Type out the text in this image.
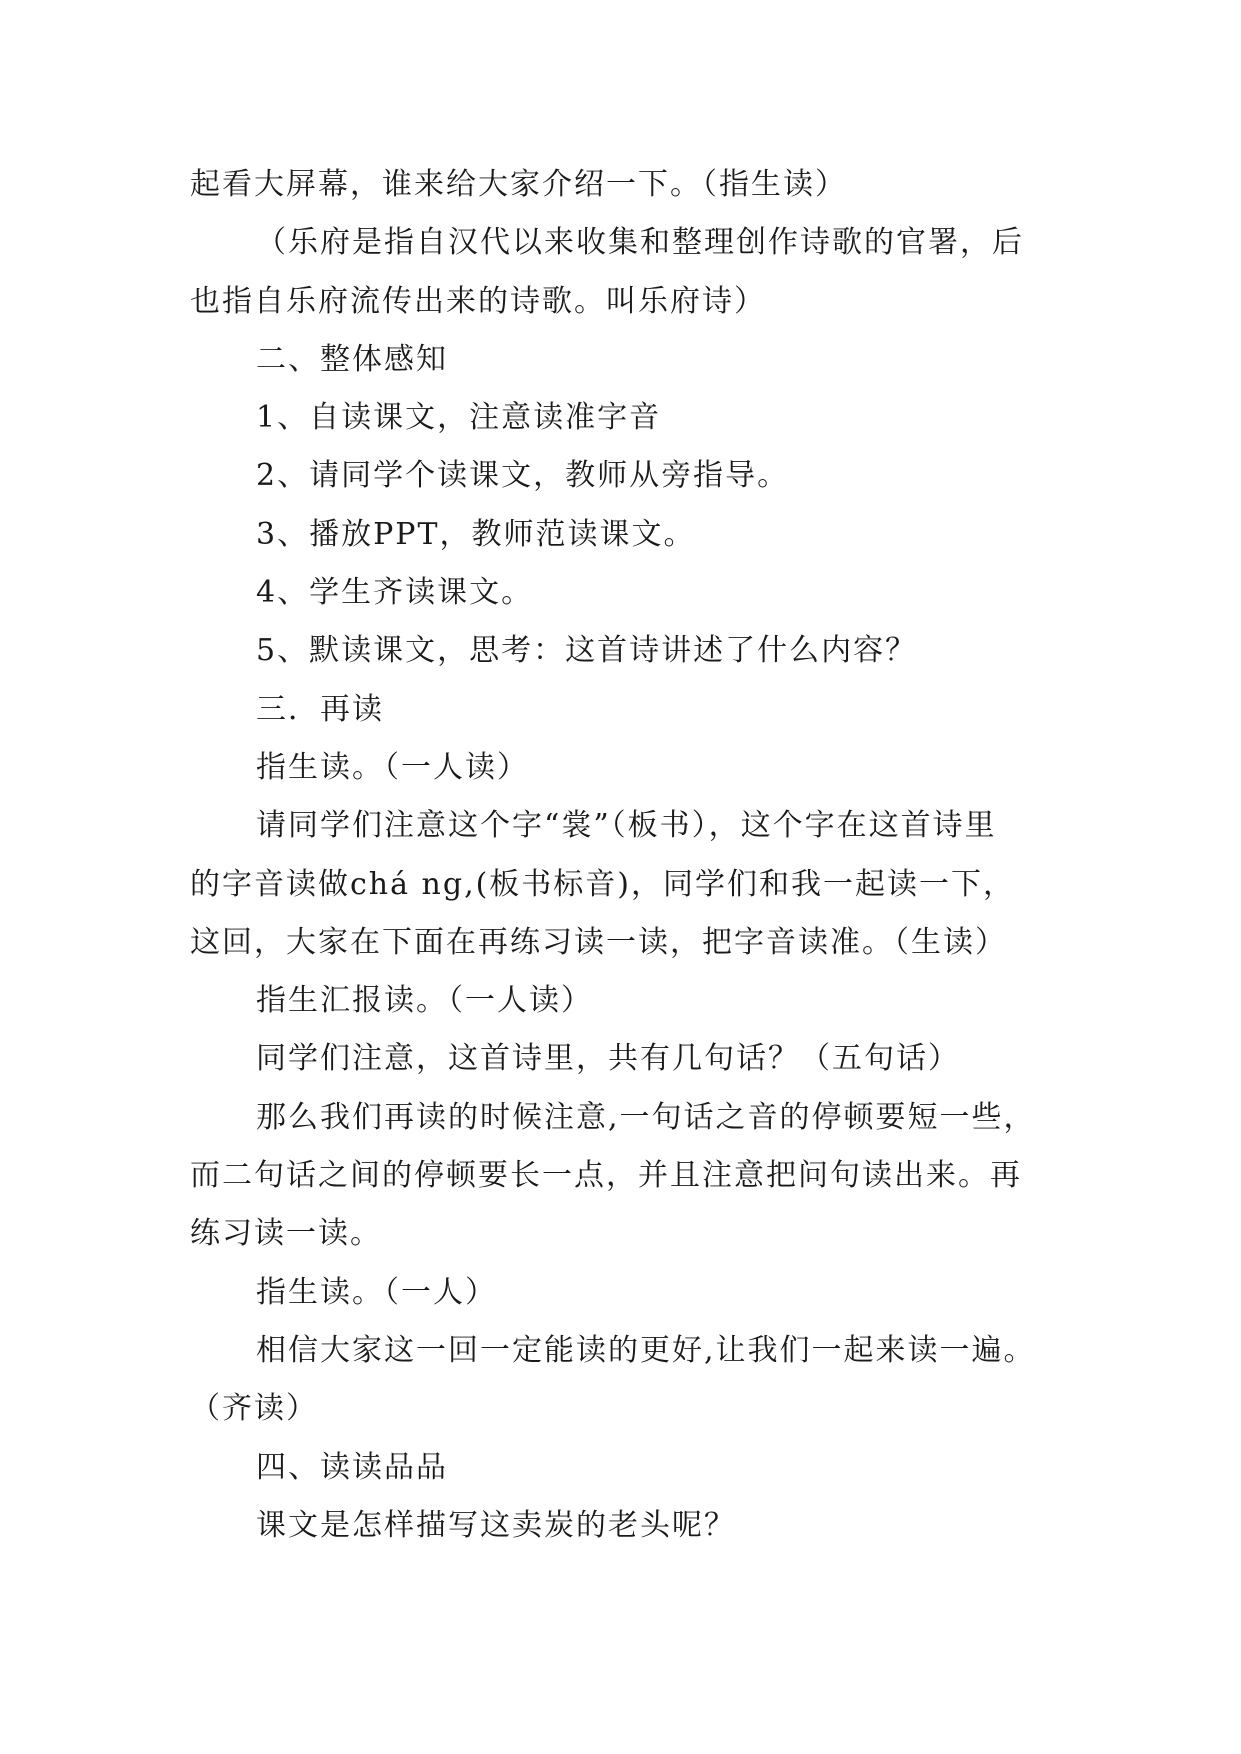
起看大屏幕，谁来给大家介绍一下。（指生读）
（乐府是指自汉代以来收集和整理创作诗歌的官署，后
也指自乐府流传出来的诗歌。叫乐府诗）
二、整体感知
1、自读课文，注意读准字音
2、请同学个读课文，教师从旁指导。
3、播放PPT，教师范读课文。
4、学生齐读课文。
5、默读课文，思考：这首诗讲述了什么内容？
三．再读
指生读。（一人读）
请同学们注意这个字“裳”（板书），这个字在这首诗里
的字音读做chá ng,(板书标音)，同学们和我一起读一下，
这回，大家在下面在再练习读一读，把字音读准。（生读）
指生汇报读。（一人读）
同学们注意，这首诗里，共有几句话？（五句话）
那么我们再读的时候注意,一句话之音的停顿要短一些，
而二句话之间的停顿要长一点，并且注意把问句读出来。再
练习读一读。
指生读。（一人）
相信大家这一回一定能读的更好,让我们一起来读一遍。
（齐读）
四、读读品品
课文是怎样描写这卖炭的老头呢？
